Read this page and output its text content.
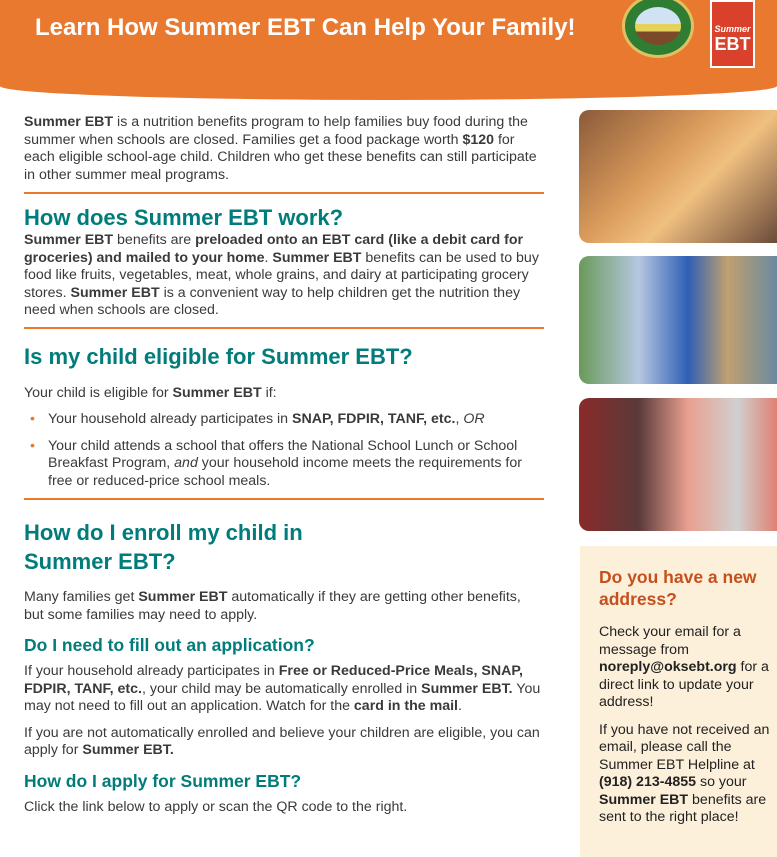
Learn How Summer EBT Can Help Your Family!	Summer
EBT

Summer EBT is a nutrition benefits program to help families buy food during the summer when schools are closed. Families get a food package worth $120 for each eligible school-age child. Children who get these benefits can still participate in other summer meal programs.

How does Summer EBT work?

Summer EBT benefits are preloaded onto an EBT card (like a debit card for groceries) and mailed to your home. Summer EBT benefits can be used to buy food like fruits, vegetables, meat, whole grains, and dairy at participating grocery stores. Summer EBT is a convenient way to help children get the nutrition they need when schools are closed.

Is my child eligible for Summer EBT?

Your child is eligible for Summer EBT if:

• Your household already participates in SNAP, FDPIR, TANF, etc., OR
• Your child attends a school that offers the National School Lunch or School Breakfast Program, and your household income meets the requirements for free or reduced-price school meals.
How do I enroll my child in Summer EBT?

Many families get Summer EBT automatically if they are getting other benefits, but some families may need to apply.

Do I need to fill out an application?

If your household already participates in Free or Reduced-Price Meals, SNAP, FDPIR, TANF, etc., your child may be automatically enrolled in Summer EBT. You may not need to fill out an application. Watch for the card in the mail.

If you are not automatically enrolled and believe your children are eligible, you can apply for Summer EBT.

How do I apply for Summer EBT?

Click the link below to apply or scan the QR code to the right.

Do you have a new address?

Check your email for a message from noreply@oksebt.org for a direct link to update your address!

If you have not received an email, please call the Summer EBT Helpline at (918) 213-4855 so your Summer EBT benefits are sent to the right place!
